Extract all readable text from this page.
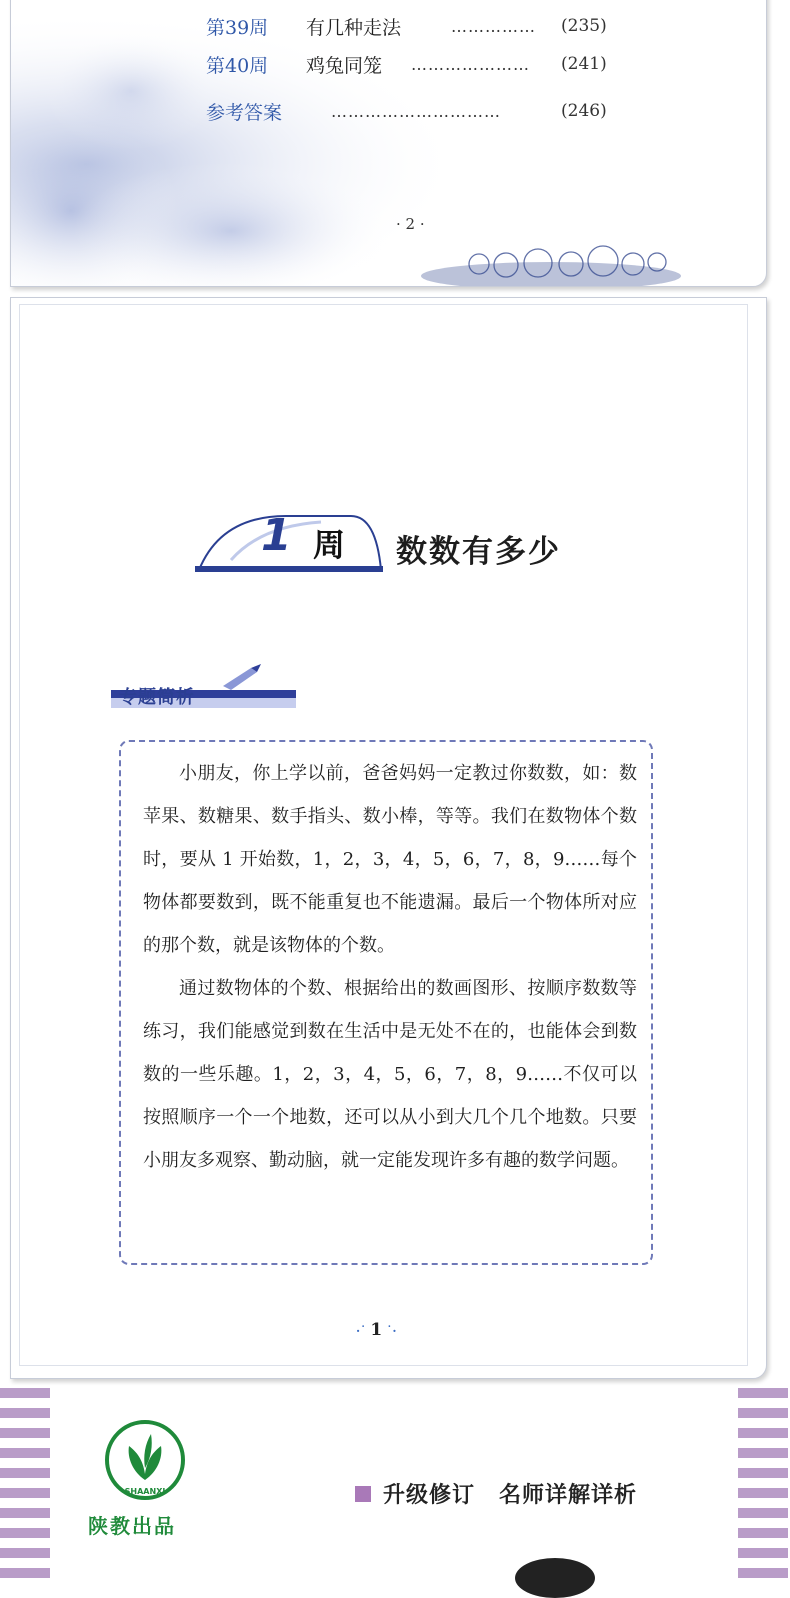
第39周	有几种走法	…………… (235)
第40周	鸡兔同笼 ………………… (241)
参考答案	…………………………	(246)
· 2 ·
1 周 数数有多少
专题简析

小朋友，你上学以前，爸爸妈妈一定教过你数数，如：数苹果、数糖果、数手指头、数小棒，等等。我们在数物体个数时，要从 1 开始数，1，2，3，4，5，6，7，8，9……每个物体都要数到，既不能重复也不能遗漏。最后一个物体所对应的那个数，就是该物体的个数。

通过数物体的个数、根据给出的数画图形、按顺序数数等练习，我们能感觉到数在生活中是无处不在的，也能体会到数数的一些乐趣。1，2，3，4，5，6，7，8，9……不仅可以按照顺序一个一个地数，还可以从小到大几个几个地数。只要小朋友多观察、勤动脑，就一定能发现许多有趣的数学问题。

·˙ 1 ˙·
SHAANXI
陕教出品
升级修订 名师详解详析
